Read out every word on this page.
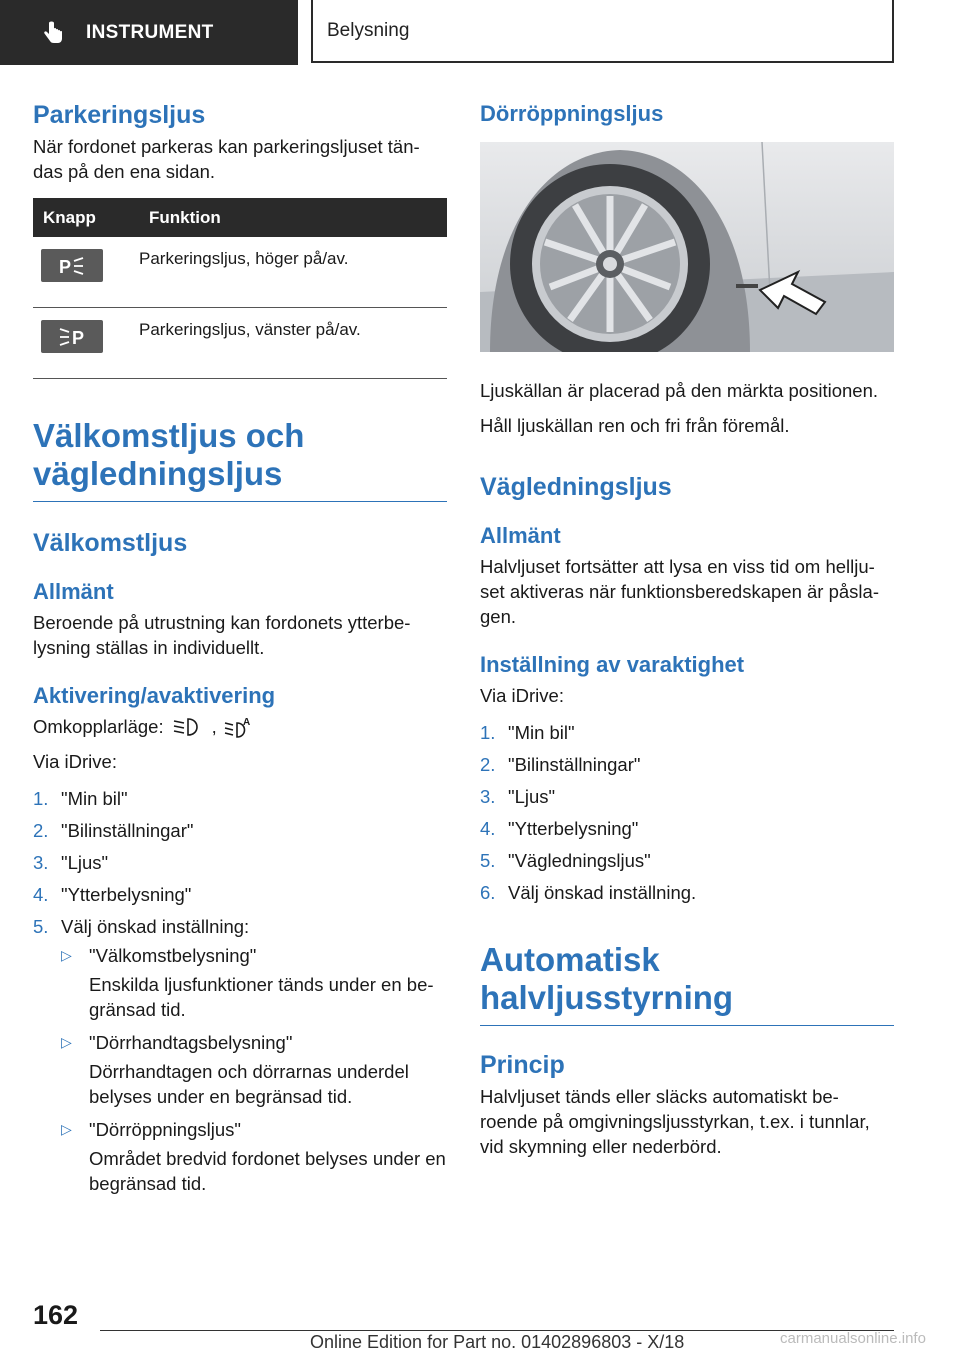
INSTRUMENT	Belysning
Parkeringsljus

När fordonet parkeras kan parkeringsljuset tän-das på den ena sidan.

Knapp	Funktion

P	Parkeringsljus, höger på/av.

P	Parkeringsljus, vänster på/av.
Välkomstljus och
vägledningsljus
Välkomstljus
Allmänt

Beroende på utrustning kan fordonets ytterbe-lysning ställas in individuellt.

Aktivering/avaktivering

Omkopplarläge:	,	A

Via iDrive:

1. "Min bil"
2. "Bilinställningar"
3. "Ljus"
4. "Ytterbelysning"
5. Välj önskad inställning:
▷ "Välkomstbelysning"
Enskilda ljusfunktioner tänds under en be-gränsad tid.
▷ "Dörrhandtagsbelysning"
Dörrhandtagen och dörrarnas underdel belyses under en begränsad tid.
▷ "Dörröppningsljus"
Området bredvid fordonet belyses under en begränsad tid.
Dörröppningsljus

Ljuskällan är placerad på den märkta positionen.

Håll ljuskällan ren och fri från föremål.

Vägledningsljus
Allmänt

Halvljuset fortsätter att lysa en viss tid om hellju-set aktiveras när funktionsberedskapen är påsla-gen.

Inställning av varaktighet

Via iDrive:

1. "Min bil"
2. "Bilinställningar"
3. "Ljus"
4. "Ytterbelysning"
5. "Vägledningsljus"
6. Välj önskad inställning.
Automatisk
halvljusstyrning
Princip

Halvljuset tänds eller släcks automatiskt be-roende på omgivningsljusstyrkan, t.ex. i tunnlar, vid skymning eller nederbörd.

162
Online Edition for Part no. 01402896803 - X/18	carmanualsonline.info
